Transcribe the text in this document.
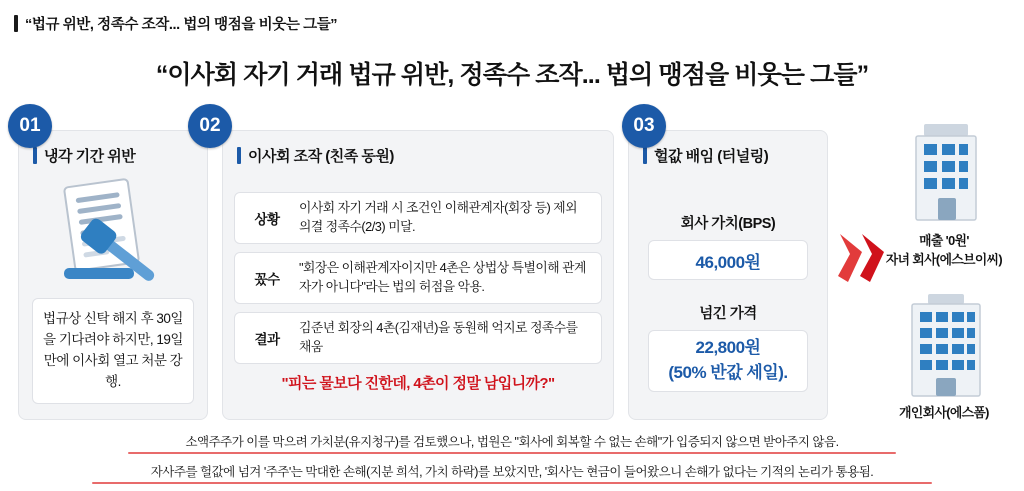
“법규 위반, 정족수 조작... 법의 맹점을 비웃는 그들”
“이사회 자기 거래 법규 위반, 정족수 조작... 법의 맹점을 비웃는 그들”
01	02	03
냉각 기간 위반
법규상 신탁 해지 후 30일을 기다려야 하지만, 19일 만에 이사회 열고 처분 강행.
이사회 조작 (친족 동원)
상황
이사회 자기 거래 시 조건인 이해관계자(회장 등) 제외 의결 정족수(2/3) 미달.
꽀수
"회장은 이해관계자이지만 4촌은 상법상 특별이해 관계자가 아니다"라는 법의 허점을 악용.
결과
김준년 회장의 4촌(김재년)을 동원해 억지로 정족수를 채움
"피는 물보다 진한데, 4촌이 정말 남입니까?"
헐값 배임 (터널링)
회사 가치(BPS)
46,000원
넘긴 가격
22,800원
(50% 반값 세일).
매출 '0원'
자녀 회사(에스브이씨)
개인회사(에스폼)
소액주주가 이를 막으려 가치분(유지청구)를 검토했으나, 법원은 "회사에 회복할 수 없는 손해"가 입증되지 않으면 받아주지 않음.
자사주를 헐값에 넘겨 '주주'는 막대한 손해(지분 희석, 가치 하락)를 보았지만, '회사'는 현금이 들어왔으니 손해가 없다는 기적의 논리가 통용됨.
